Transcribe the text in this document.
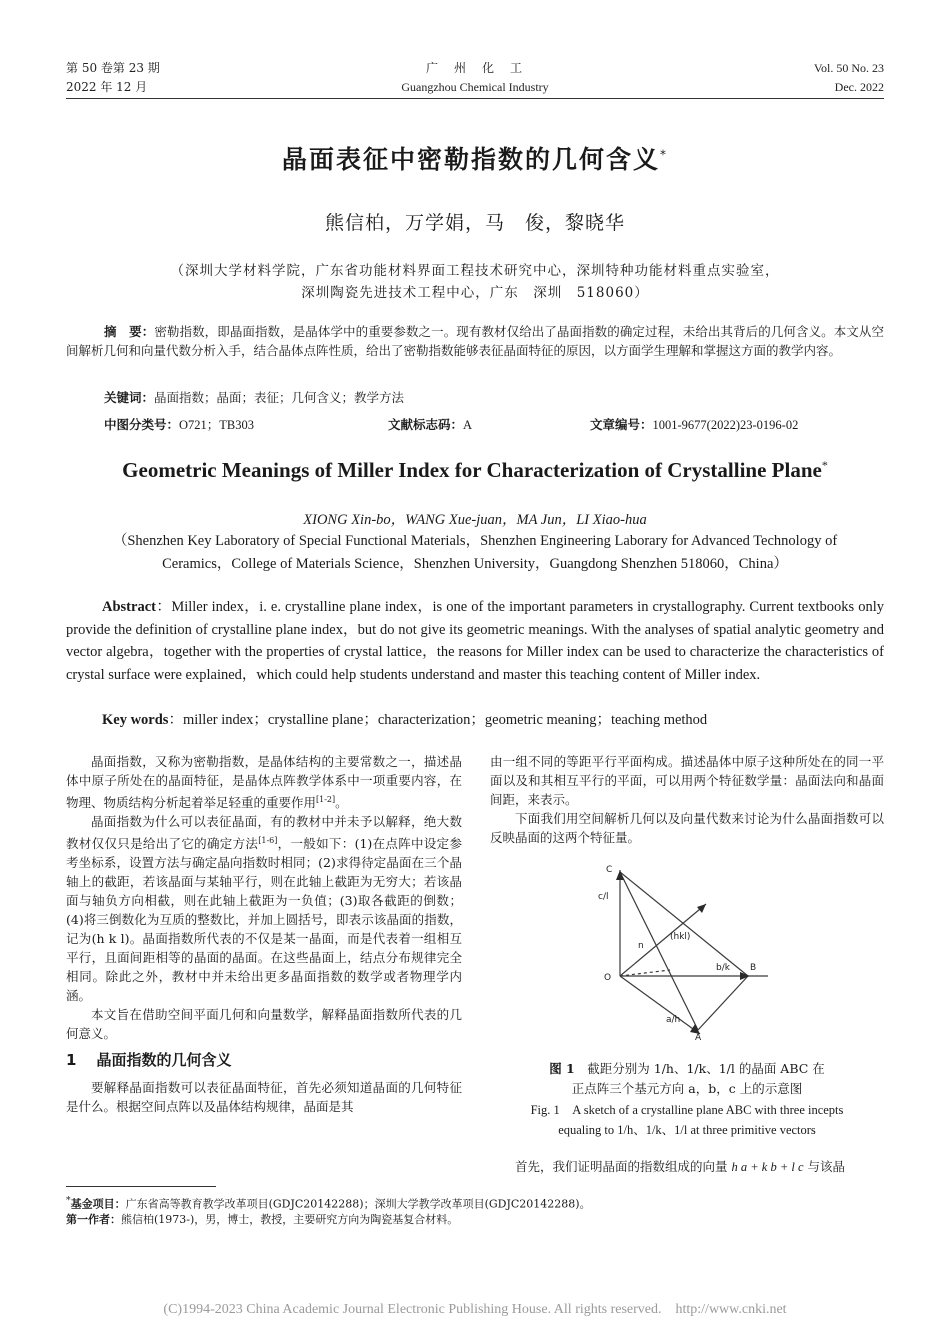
第 50 卷第 23 期
2022 年 12 月
广　州　化　工
Guangzhou Chemical Industry
Vol. 50 No. 23
Dec. 2022
晶面表征中密勒指数的几何含义*
熊信柏，万学娟，马　俊，黎晓华
（深圳大学材料学院，广东省功能材料界面工程技术研究中心，深圳特种功能材料重点实验室，
深圳陶瓷先进技术工程中心，广东　深圳　518060）
摘　要：密勒指数，即晶面指数，是晶体学中的重要参数之一。现有教材仅给出了晶面指数的确定过程，未给出其背后的几何含义。本文从空间解析几何和向量代数分析入手，结合晶体点阵性质，给出了密勒指数能够表征晶面特征的原因，以方面学生理解和掌握这方面的教学内容。
关键词：晶面指数；晶面；表征；几何含义；教学方法
中图分类号：O721；TB303	文献标志码：A	文章编号：1001-9677(2022)23-0196-02
Geometric Meanings of Miller Index for Characterization of Crystalline Plane*
XIONG Xin-bo，WANG Xue-juan，MA Jun，LI Xiao-hua
（Shenzhen Key Laboratory of Special Functional Materials，Shenzhen Engineering Laborary for Advanced Technology of
Ceramics，College of Materials Science，Shenzhen University，Guangdong Shenzhen 518060，China）
Abstract：Miller index，i. e. crystalline plane index，is one of the important parameters in crystallography. Current textbooks only provide the definition of crystalline plane index，but do not give its geometric meanings. With the analyses of spatial analytic geometry and vector algebra，together with the properties of crystal lattice，the reasons for Miller index can be used to characterize the characteristics of crystal surface were explained，which could help students understand and master this teaching content of Miller index.
Key words：miller index；crystalline plane；characterization；geometric meaning；teaching method

晶面指数，又称为密勒指数，是晶体结构的主要常数之一，描述晶体中原子所处在的晶面特征，是晶体点阵教学体系中一项重要内容，在物理、物质结构分析起着举足轻重的重要作用[1-2]。

晶面指数为什么可以表征晶面，有的教材中并未予以解释，绝大数教材仅仅只是给出了它的确定方法[1-6]，一般如下：(1)在点阵中设定参考坐标系，设置方法与确定晶向指数时相同；(2)求得待定晶面在三个晶轴上的截距，若该晶面与某轴平行，则在此轴上截距为无穷大；若该晶面与轴负方向相截，则在此轴上截距为一负值；(3)取各截距的倒数；(4)将三倒数化为互质的整数比，并加上圆括号，即表示该晶面的指数，记为(h k l)。晶面指数所代表的不仅是某一晶面，而是代表着一组相互平行，且面间距相等的晶面的晶面。在这些晶面上，结点分布规律完全相同。除此之外，教材中并未给出更多晶面指数的数学或者物理学内涵。

本文旨在借助空间平面几何和向量数学，解释晶面指数所代表的几何意义。

1 晶面指数的几何含义

要解释晶面指数可以表征晶面特征，首先必须知道晶面的几何特征是什么。根据空间点阵以及晶体结构规律，晶面是其

由一组不同的等距平行平面构成。描述晶体中原子这种所处在的同一平面以及和其相互平行的平面，可以用两个特征数学量：晶面法向和晶面间距，来表示。

下面我们用空间解析几何以及向量代数来讨论为什么晶面指数可以反映晶面的这两个特征量。

C
c/l
n
(hkl)
O
b/k B
a/h
A
图 1　 截距分别为 1/h、1/k、1/l 的晶面 ABC 在
正点阵三个基元方向 a，b，c 上的示意图
Fig. 1　 A sketch of a crystalline plane ABC with three incepts
equaling to 1/h、1/k、1/l at three primitive vectors
首先，我们证明晶面的指数组成的向量 h a + k b + l c 与该晶
*基金项目：广东省高等教育教学改革项目(GDJC20142288)；深圳大学教学改革项目(GDJC20142288)。
第一作者：熊信柏(1973-)，男，博士，教授，主要研究方向为陶瓷基复合材料。
(C)1994-2023 China Academic Journal Electronic Publishing House. All rights reserved.　http://www.cnki.net
